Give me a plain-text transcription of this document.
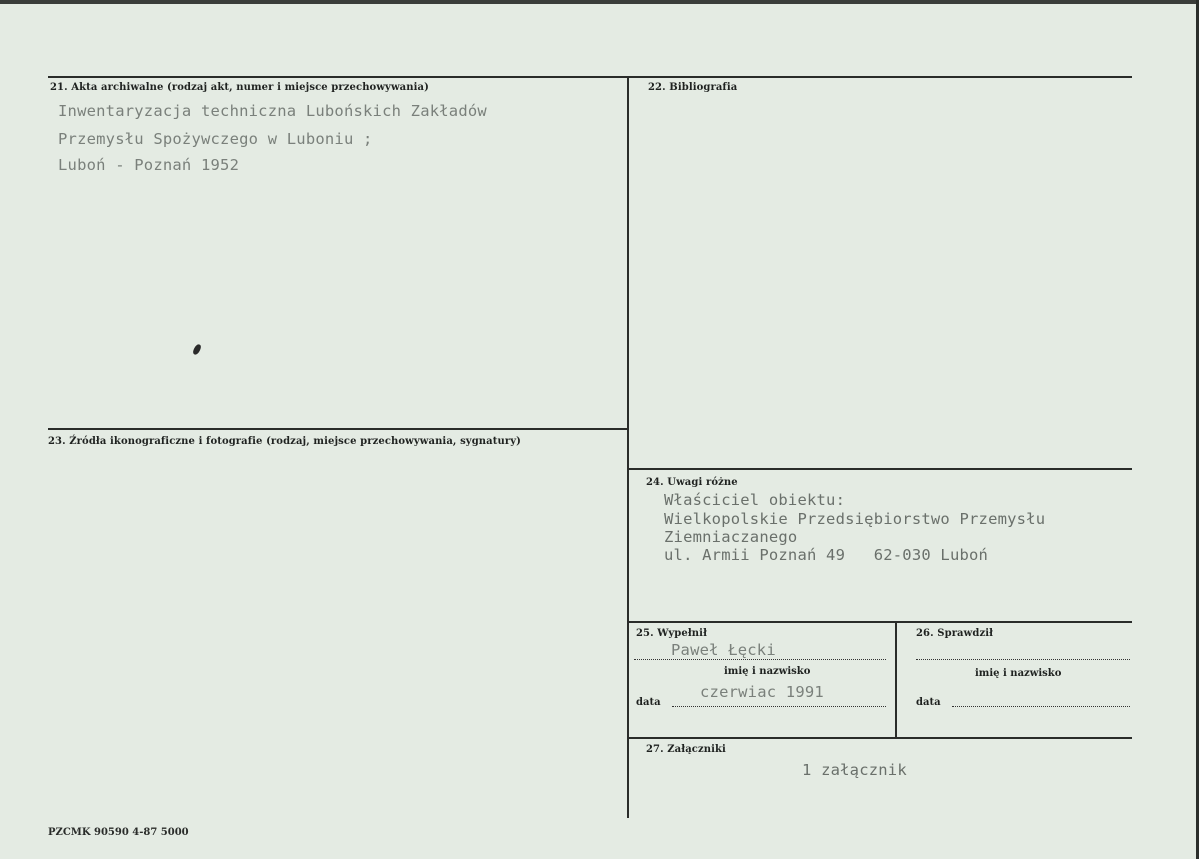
21. Akta archiwalne (rodzaj akt, numer i miejsce przechowywania)
Inwentaryzacja techniczna Lubońskich Zakładów
Przemysłu Spożywczego w Luboniu ;
Luboń - Poznań 1952
22. Bibliografia
23. Źródła ikonograficzne i fotografie (rodzaj, miejsce przechowywania, sygnatury)
24. Uwagi różne
Właściciel obiektu:
Wielkopolskie Przedsiębiorstwo Przemysłu
Ziemniaczanego
ul. Armii Poznań 49   62-030 Luboń
25. Wypełnił
Paweł Łęcki
imię i nazwisko
czerwiac 1991
data
26. Sprawdził
imię i nazwisko
data
27. Załączniki
1 załącznik
PZCMK 90590 4-87 5000
